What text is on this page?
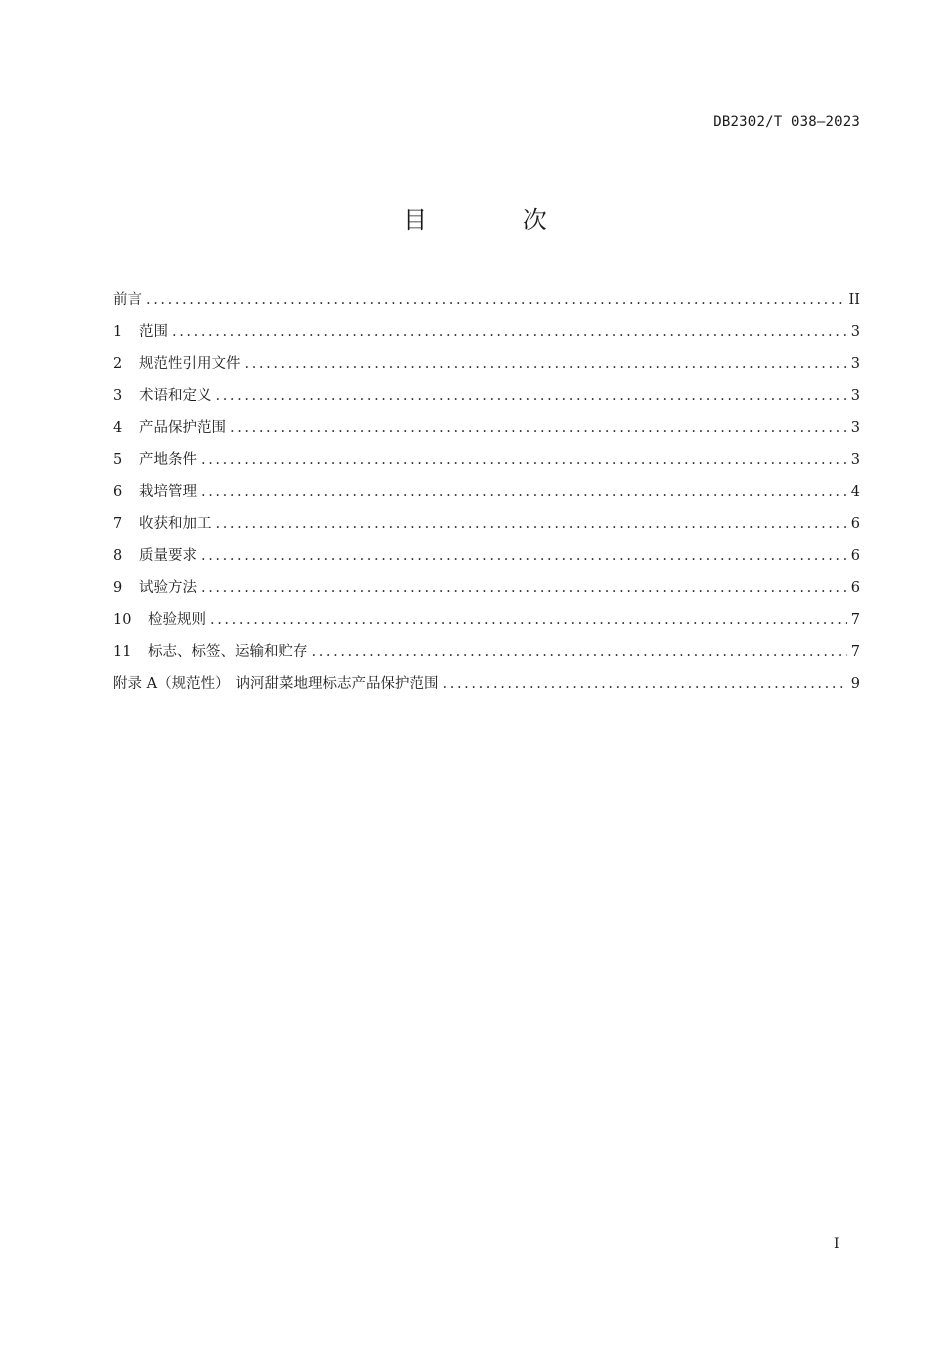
DB2302/T 038—2023
目 次
前言 .....	II
1	范围 .....	3
2	规范性引用文件 .....	3
3	术语和定义 .....	3
4	产品保护范围 .....	3
5	产地条件 .....	3
6	栽培管理 .....	4
7	收获和加工 .....	6
8	质量要求 .....	6
9	试验方法 .....	6
10	检验规则 .....	7
11	标志、标签、运输和贮存 .....	7
附录 A（规范性） 讷河甜菜地理标志产品保护范围 .....	9
I
